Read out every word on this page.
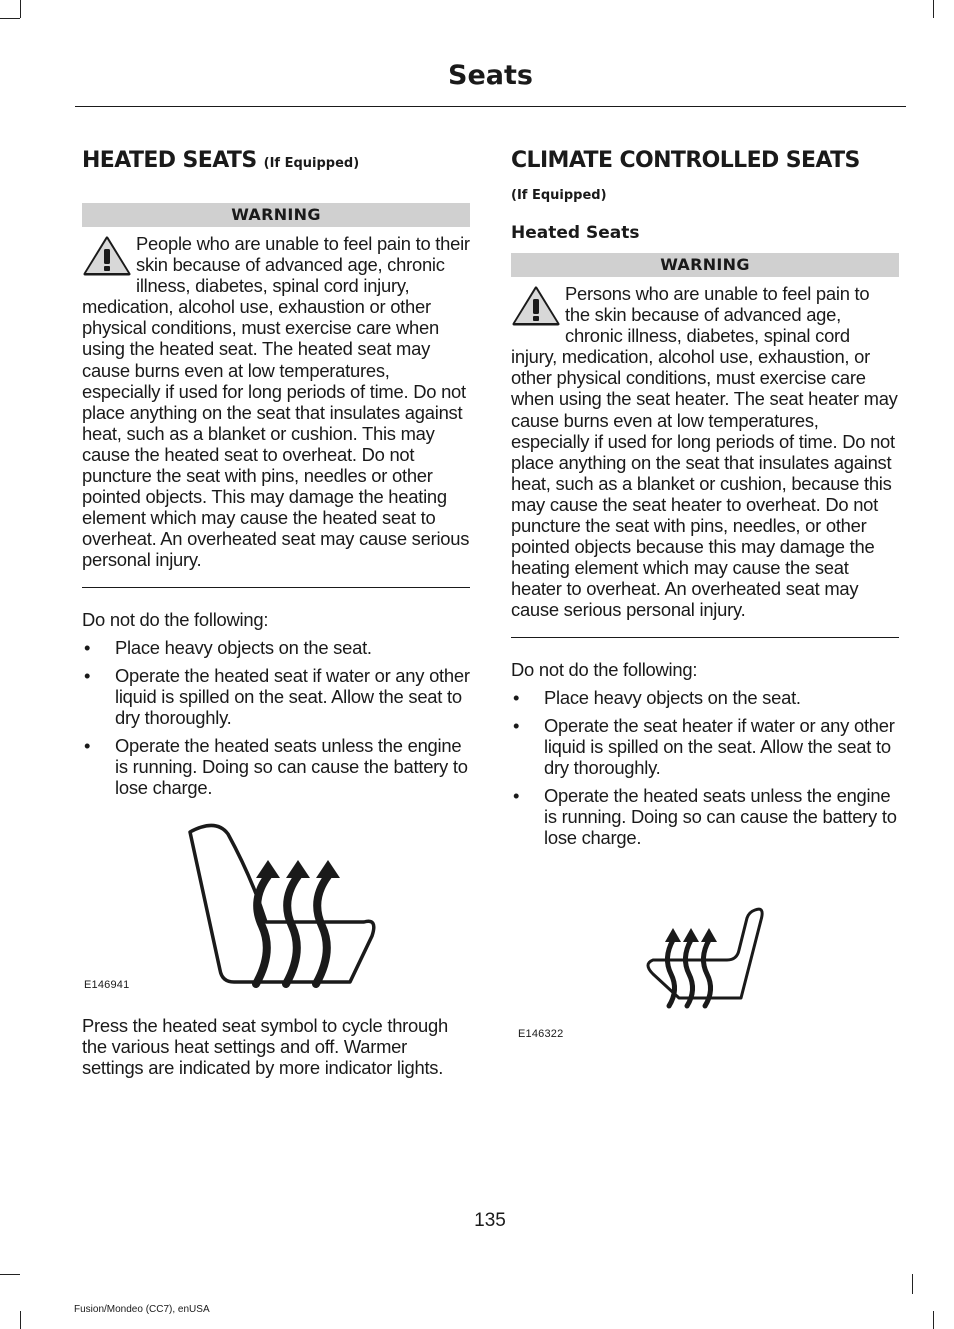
Seats
HEATED SEATS (If Equipped)
WARNING
People who are unable to feel pain to their skin because of advanced age, chronic illness, diabetes, spinal cord injury, medication, alcohol use, exhaustion or other physical conditions, must exercise care when using the heated seat. The heated seat may cause burns even at low temperatures, especially if used for long periods of time. Do not place anything on the seat that insulates against heat, such as a blanket or cushion. This may cause the heated seat to overheat. Do not puncture the seat with pins, needles or other pointed objects. This may damage the heating element which may cause the heated seat to overheat. An overheated seat may cause serious personal injury.

Do not do the following:

• Place heavy objects on the seat.
• Operate the heated seat if water or any other liquid is spilled on the seat. Allow the seat to dry thoroughly.
• Operate the heated seats unless the engine is running. Doing so can cause the battery to lose charge.
E146941

Press the heated seat symbol to cycle through the various heat settings and off. Warmer settings are indicated by more indicator lights.

CLIMATE CONTROLLED SEATS

(If Equipped)

Heated Seats

WARNING
Persons who are unable to feel pain to the skin because of advanced age, chronic illness, diabetes, spinal cord injury, medication, alcohol use, exhaustion, or other physical conditions, must exercise care when using the seat heater. The seat heater may cause burns even at low temperatures, especially if used for long periods of time. Do not place anything on the seat that insulates against heat, such as a blanket or cushion, because this may cause the seat heater to overheat. Do not puncture the seat with pins, needles, or other pointed objects because this may damage the heating element which may cause the seat heater to overheat. An overheated seat may cause serious personal injury.

Do not do the following:

• Place heavy objects on the seat.
• Operate the seat heater if water or any other liquid is spilled on the seat. Allow the seat to dry thoroughly.
• Operate the heated seats unless the engine is running. Doing so can cause the battery to lose charge.
E146322
135
Fusion/Mondeo (CC7), enUSA
